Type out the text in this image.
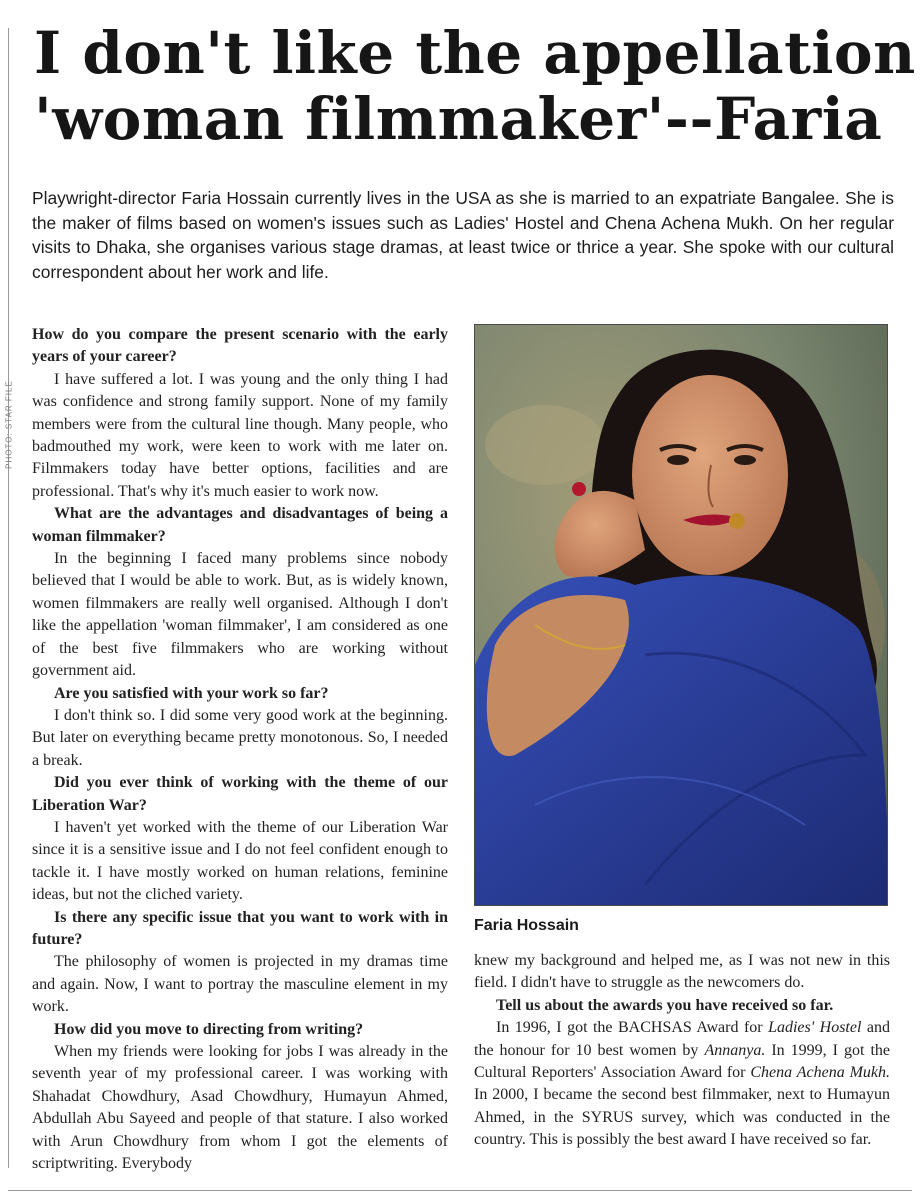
PHOTO: STAR FILE
I don't like the appellation
'woman filmmaker'--Faria
Playwright-director Faria Hossain currently lives in the USA as she is married to an expatriate Bangalee. She is the maker of films based on women's issues such as Ladies' Hostel and Chena Achena Mukh. On her regular visits to Dhaka, she organises various stage dramas, at least twice or thrice a year. She spoke with our cultural correspondent about her work and life.

How do you compare the present scenario with the early years of your career?

I have suffered a lot. I was young and the only thing I had was confidence and strong family support. None of my family members were from the cultural line though. Many people, who badmouthed my work, were keen to work with me later on. Filmmakers today have better options, facilities and are professional. That's why it's much easier to work now.

What are the advantages and disadvantages of being a woman filmmaker?

In the beginning I faced many problems since nobody believed that I would be able to work. But, as is widely known, women filmmakers are really well organised. Although I don't like the appellation 'woman filmmaker', I am considered as one of the best five filmmakers who are working without government aid.

Are you satisfied with your work so far?

I don't think so. I did some very good work at the beginning. But later on everything became pretty monotonous. So, I needed a break.

Did you ever think of working with the theme of our Liberation War?

I haven't yet worked with the theme of our Liberation War since it is a sensitive issue and I do not feel confident enough to tackle it. I have mostly worked on human relations, feminine ideas, but not the cliched variety.

Is there any specific issue that you want to work with in future?

The philosophy of women is projected in my dramas time and again. Now, I want to portray the masculine element in my work.

How did you move to directing from writing?

When my friends were looking for jobs I was already in the seventh year of my professional career. I was working with Shahadat Chowdhury, Asad Chowdhury, Humayun Ahmed, Abdullah Abu Sayeed and people of that stature. I also worked with Arun Chowdhury from whom I got the elements of scriptwriting. Everybody

Faria Hossain

knew my background and helped me, as I was not new in this field. I didn't have to struggle as the newcomers do.

Tell us about the awards you have received so far.

In 1996, I got the BACHSAS Award for Ladies' Hostel and the honour for 10 best women by Annanya. In 1999, I got the Cultural Reporters' Association Award for Chena Achena Mukh. In 2000, I became the second best filmmaker, next to Humayun Ahmed, in the SYRUS survey, which was conducted in the country. This is possibly the best award I have received so far.
